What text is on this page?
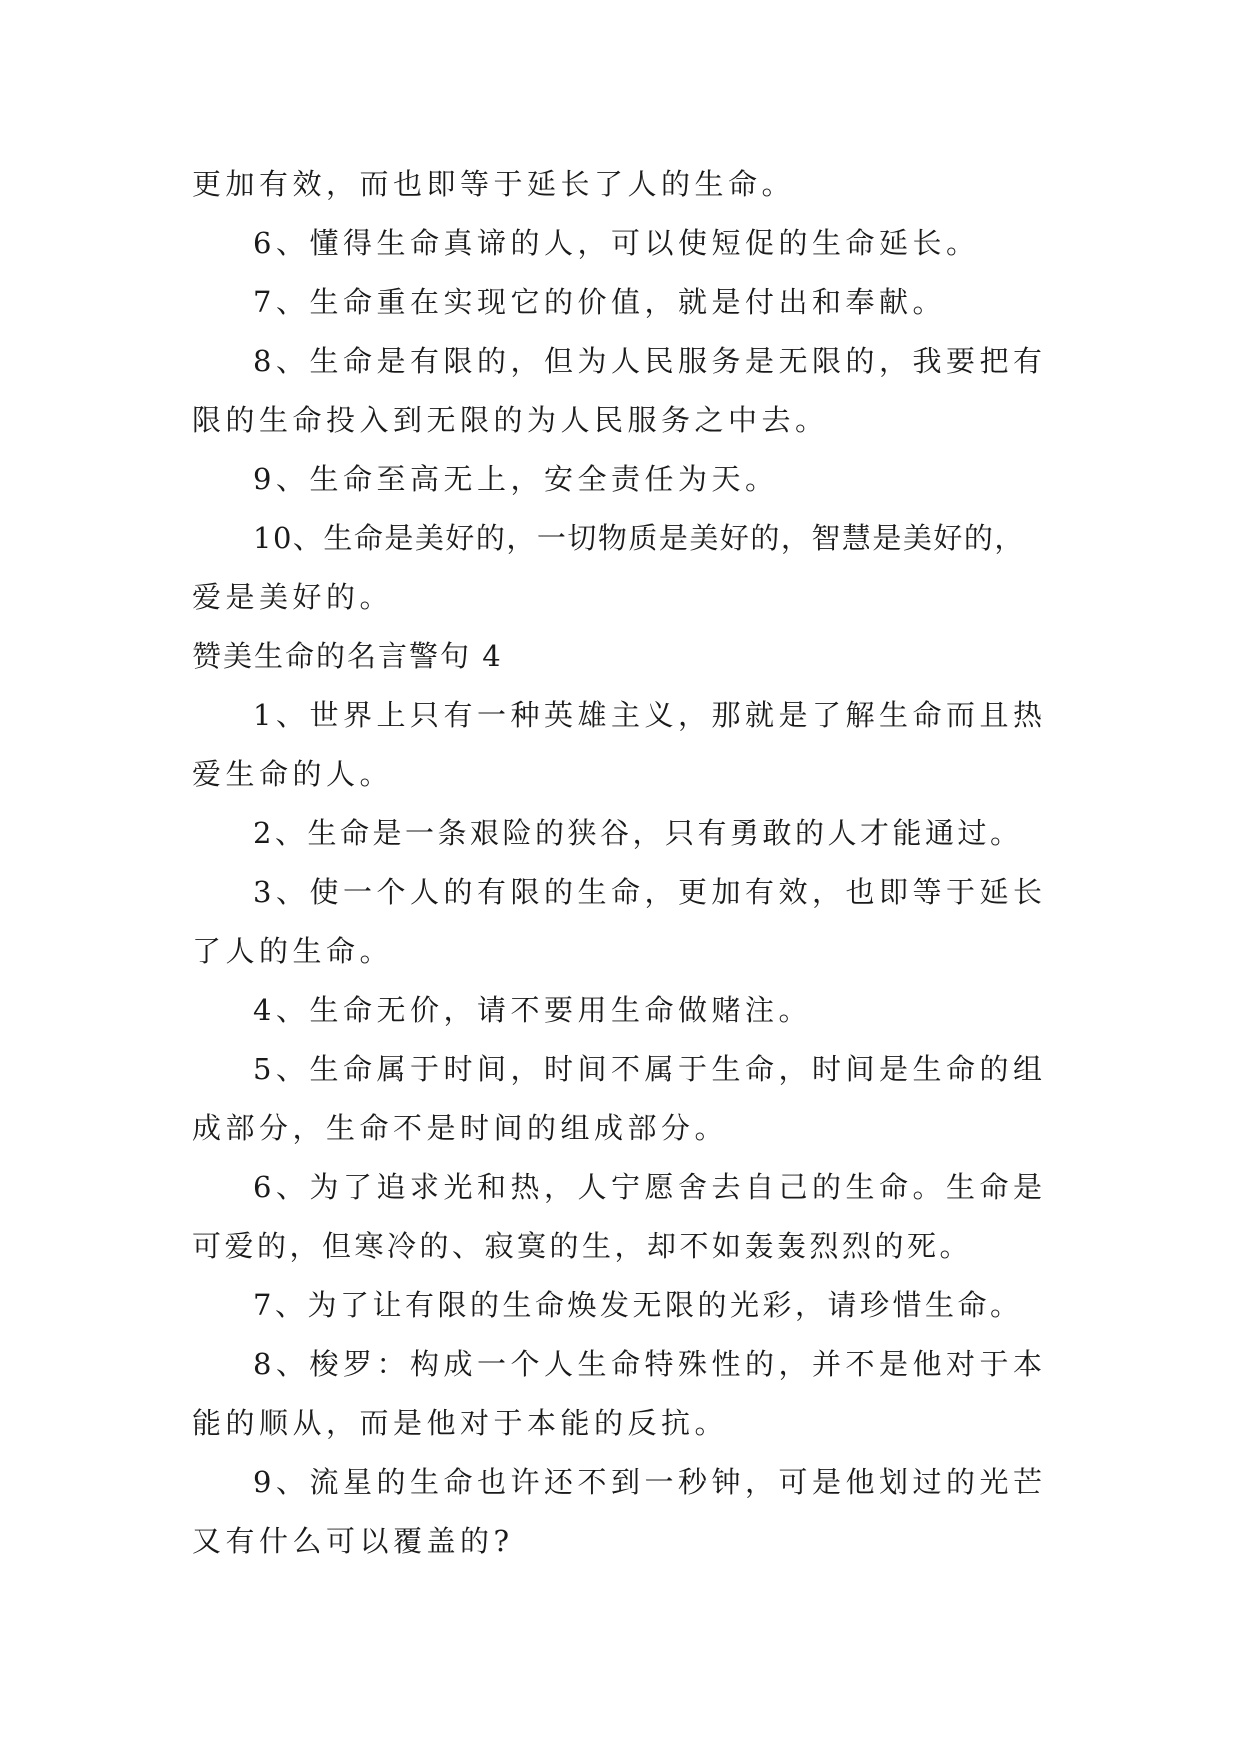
更加有效，而也即等于延长了人的生命。
6、懂得生命真谛的人，可以使短促的生命延长。
7、生命重在实现它的价值，就是付出和奉献。
8、生命是有限的，但为人民服务是无限的，我要把有
限的生命投入到无限的为人民服务之中去。
9、生命至高无上，安全责任为天。
10、生命是美好的，一切物质是美好的，智慧是美好的，
爱是美好的。
赞美生命的名言警句 4
1、世界上只有一种英雄主义，那就是了解生命而且热
爱生命的人。
2、生命是一条艰险的狭谷，只有勇敢的人才能通过。
3、使一个人的有限的生命，更加有效，也即等于延长
了人的生命。
4、生命无价，请不要用生命做赌注。
5、生命属于时间，时间不属于生命，时间是生命的组
成部分，生命不是时间的组成部分。
6、为了追求光和热，人宁愿舍去自己的生命。生命是
可爱的，但寒冷的、寂寞的生，却不如轰轰烈烈的死。
7、为了让有限的生命焕发无限的光彩，请珍惜生命。
8、梭罗：构成一个人生命特殊性的，并不是他对于本
能的顺从，而是他对于本能的反抗。
9、流星的生命也许还不到一秒钟，可是他划过的光芒
又有什么可以覆盖的?
